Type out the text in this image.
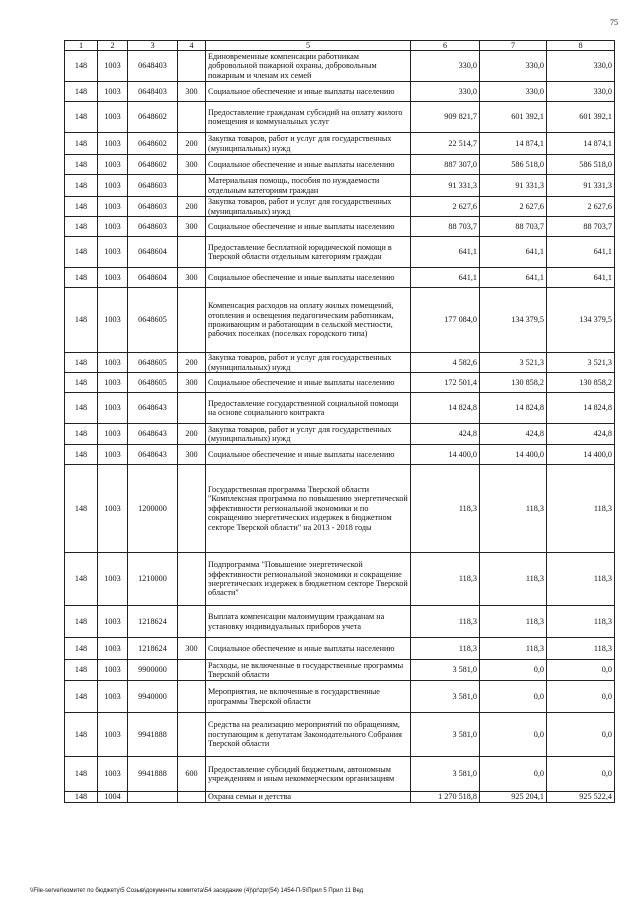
75
1	2	3	4	5	6	7	8
148	1003	0648403		Единовременные компенсации работникам добровольной пожарной охраны, добровольным пожарным и членам их семей	330,0	330,0	330,0
148	1003	0648403	300	Социальное обеспечение и иные выплаты населению	330,0	330,0	330,0
148	1003	0648602		Предоставление гражданам субсидий на оплату жилого помещения и коммунальных услуг	909 821,7	601 392,1	601 392,1
148	1003	0648602	200	Закупка товаров, работ и услуг для государственных (муниципальных) нужд	22 514,7	14 874,1	14 874,1
148	1003	0648602	300	Социальное обеспечение и иные выплаты населению	887 307,0	586 518,0	586 518,0
148	1003	0648603		Материальная помощь, пособия по нуждаемости отдельным категориям граждан	91 331,3	91 331,3	91 331,3
148	1003	0648603	200	Закупка товаров, работ и услуг для государственных (муниципальных) нужд	2 627,6	2 627,6	2 627,6
148	1003	0648603	300	Социальное обеспечение и иные выплаты населению	88 703,7	88 703,7	88 703,7
148	1003	0648604		Предоставление бесплатной юридической помощи в Тверской области отдельным категориям граждан	641,1	641,1	641,1
148	1003	0648604	300	Социальное обеспечение и иные выплаты населению	641,1	641,1	641,1
148	1003	0648605		Компенсация расходов на оплату жилых помещений, отопления и освещения педагогическим работникам, проживающим и работающим в сельской местности, рабочих поселках (поселках городского типа)	177 084,0	134 379,5	134 379,5
148	1003	0648605	200	Закупка товаров, работ и услуг для государственных (муниципальных) нужд	4 582,6	3 521,3	3 521,3
148	1003	0648605	300	Социальное обеспечение и иные выплаты населению	172 501,4	130 858,2	130 858,2
148	1003	0648643		Предоставление государственной социальной помощи на основе социального контракта	14 824,8	14 824,8	14 824,8
148	1003	0648643	200	Закупка товаров, работ и услуг для государственных (муниципальных) нужд	424,8	424,8	424,8
148	1003	0648643	300	Социальное обеспечение и иные выплаты населению	14 400,0	14 400,0	14 400,0
148	1003	1200000		Государственная программа Тверской области "Комплексная программа по повышению энергетической эффективности региональной экономики и по сокращению энергетических издержек в бюджетном секторе Тверской области" на 2013 - 2018 годы	118,3	118,3	118,3
148	1003	1210000		Подпрограмма "Повышение энергетической эффективности региональной экономики и сокращение энергетических издержек в бюджетном секторе Тверской области"	118,3	118,3	118,3
148	1003	1218624		Выплата компенсации малоимущим гражданам на установку индивидуальных приборов учета	118,3	118,3	118,3
148	1003	1218624	300	Социальное обеспечение и иные выплаты населению	118,3	118,3	118,3
148	1003	9900000		Расходы, не включенные в государственные программы Тверской области	3 581,0	0,0	0,0
148	1003	9940000		Мероприятия, не включенные в государственные программы Тверской области	3 581,0	0,0	0,0
148	1003	9941888		Средства на реализацию мероприятий по обращениям, поступающим к депутатам Законодательного Собрания Тверской области	3 581,0	0,0	0,0
148	1003	9941888	600	Предоставление субсидий бюджетным, автономным учреждениям и иным некоммерческим организациям	3 581,0	0,0	0,0
148	1004			Охрана семьи и детства	1 270 518,8	925 204,1	925 522,4
\\File-server\комитет по бюджету\5 Созыв\документы комитета\54 заседание (4)\pr\zpr(54) 1454-П-5\Прил 5 Прил 11 Вед
